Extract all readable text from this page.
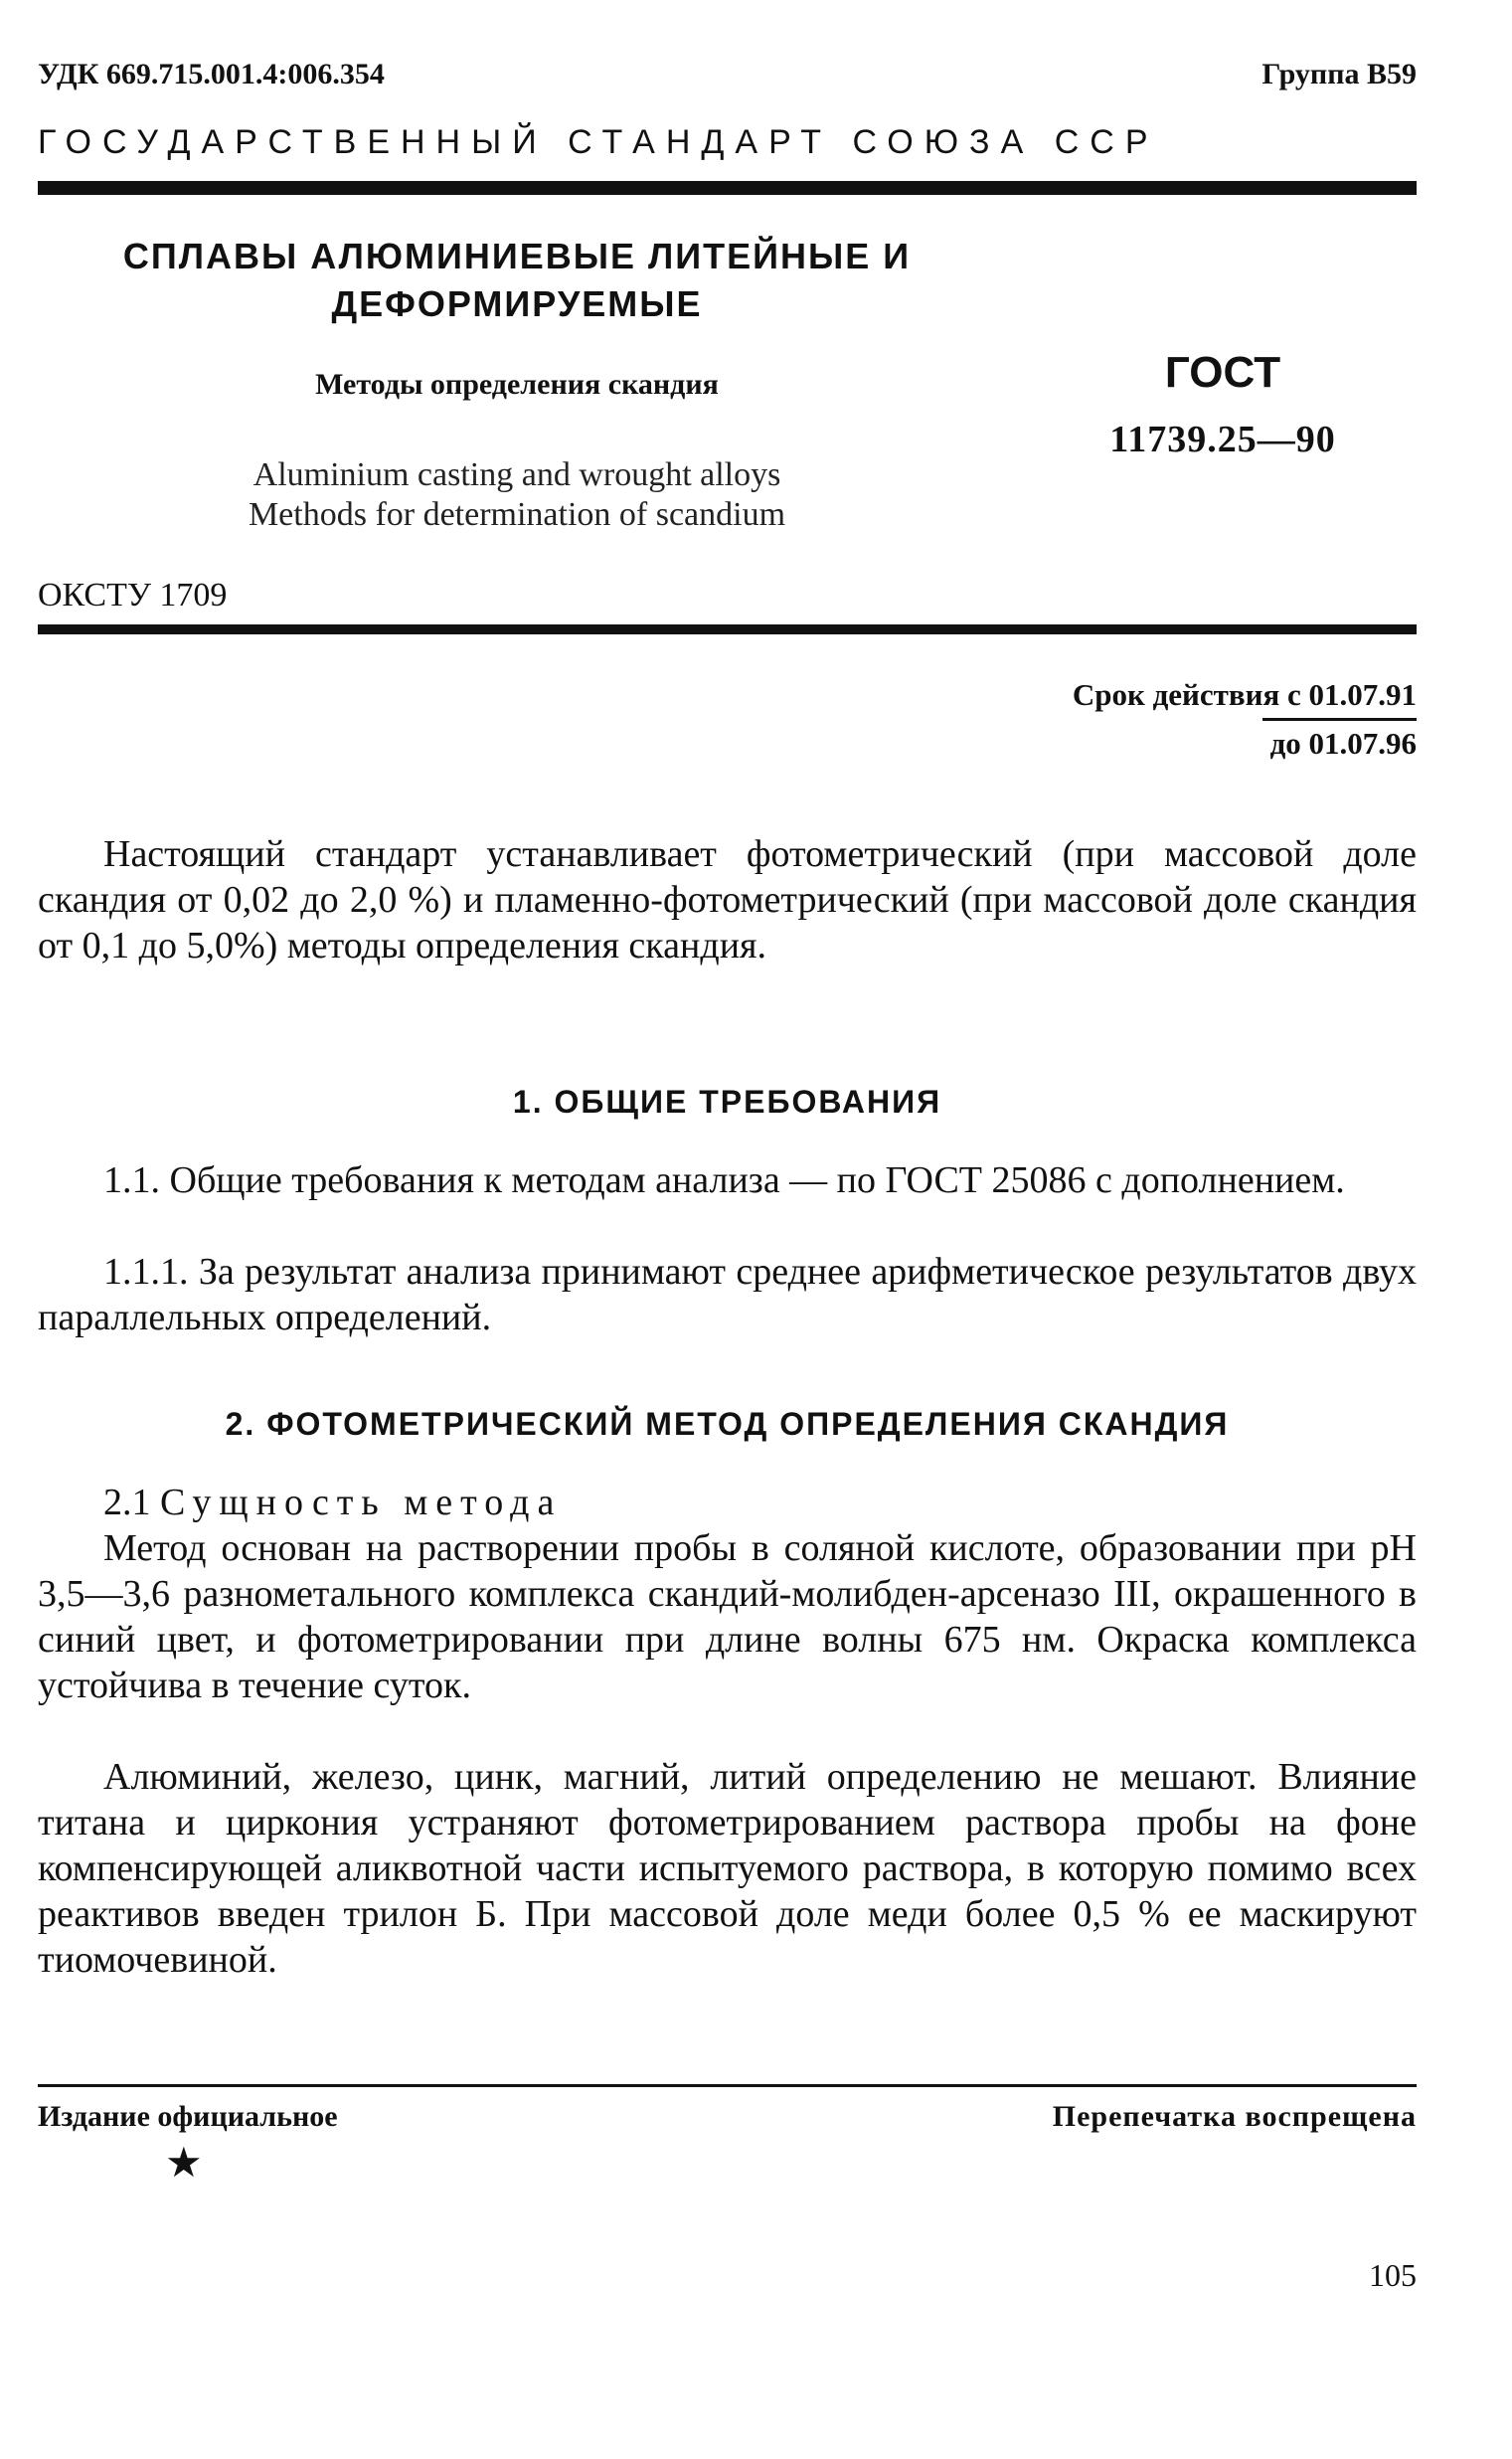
УДК 669.715.001.4:006.354	Группа В59
ГОСУДАРСТВЕННЫЙ СТАНДАРТ СОЮЗА ССР
СПЛАВЫ АЛЮМИНИЕВЫЕ ЛИТЕЙНЫЕ И
ДЕФОРМИРУЕМЫЕ
Методы определения скандия
Aluminium casting and wrought alloys
Methods for determination of scandium
ГОСТ
11739.25—90
ОКСТУ 1709
Срок действия с 01.07.91
до 01.07.96
Настоящий стандарт устанавливает фотометрический (при массовой доле скандия от 0,02 до 2,0 %) и пламенно-фотометрический (при массовой доле скандия от 0,1 до 5,0%) методы определения скандия.
1. ОБЩИЕ ТРЕБОВАНИЯ
1.1. Общие требования к методам анализа — по ГОСТ 25086 с дополнением.
1.1.1. За результат анализа принимают среднее арифметическое результатов двух параллельных определений.
2. ФОТОМЕТРИЧЕСКИЙ МЕТОД ОПРЕДЕЛЕНИЯ СКАНДИЯ
2.1 Сущность метода
Метод основан на растворении пробы в соляной кислоте, образовании при pH 3,5—3,6 разнометального комплекса скандий-молибден-арсеназо III, окрашенного в синий цвет, и фотометрировании при длине волны 675 нм. Окраска комплекса устойчива в течение суток.
Алюминий, железо, цинк, магний, литий определению не мешают. Влияние титана и циркония устраняют фотометрированием раствора пробы на фоне компенсирующей аликвотной части испытуемого раствора, в которую помимо всех реактивов введен трилон Б. При массовой доле меди более 0,5 % ее маскируют тиомочевиной.
Издание официальное	Перепечатка воспрещена
★
105
